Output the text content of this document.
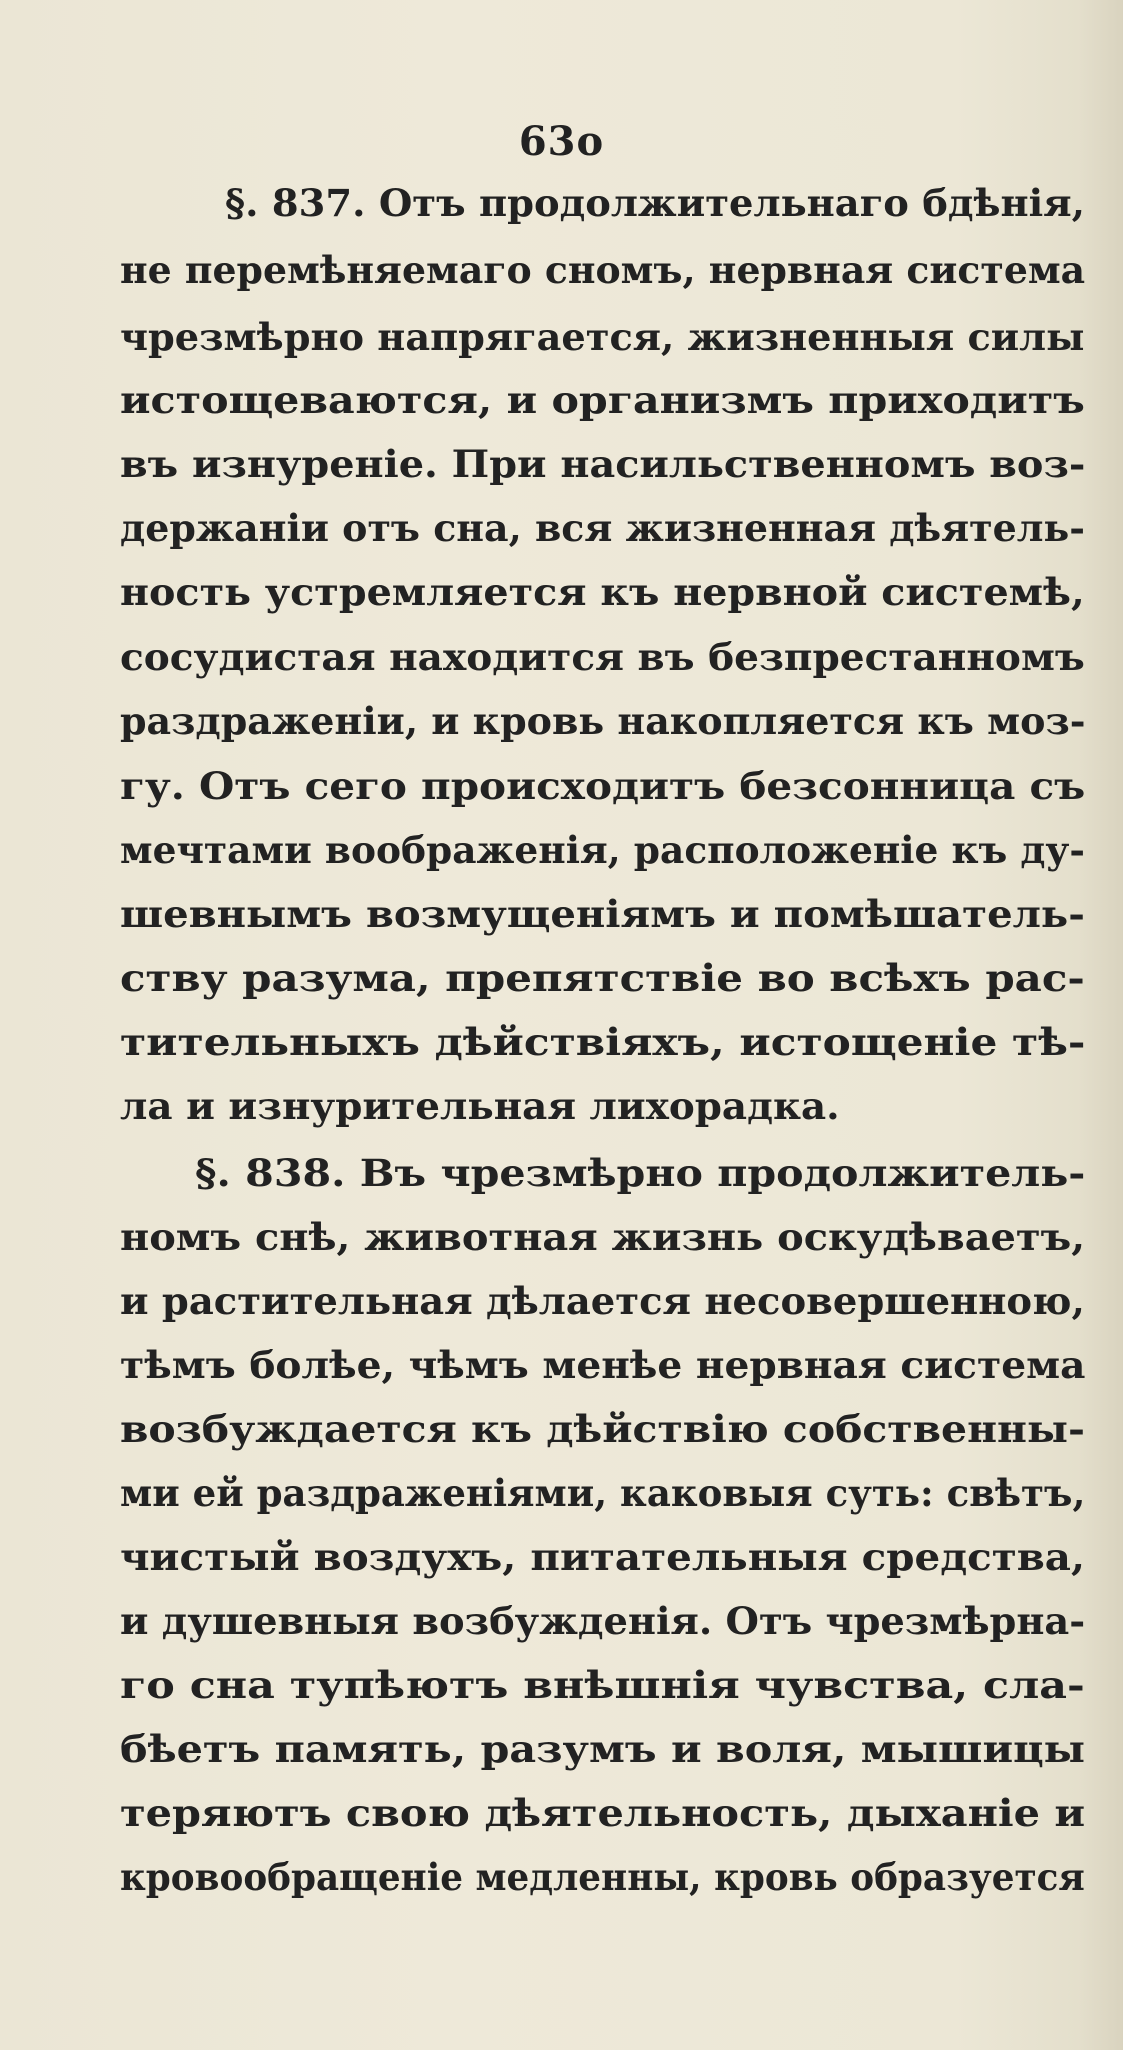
63o
§. 837. Отъ продолжительнаго бдѣнія,
не перемѣняемаго сномъ, нервная система
чрезмѣрно напрягается, жизненныя силы
истощеваются, и организмъ приходитъ
въ изнуреніе. При насильственномъ воз-
держаніи отъ сна, вся жизненная дѣятель-
ность устремляется къ нервной системѣ,
сосудистая находится въ безпрестанномъ
раздраженіи, и кровь накопляется къ моз-
гу. Отъ сего происходитъ безсонница съ
мечтами воображенія, расположеніе къ ду-
шевнымъ возмущеніямъ и помѣшатель-
ству разума, препятствіе во всѣхъ рас-
тительныхъ дѣйствіяхъ, истощеніе тѣ-
ла и изнурительная лихорадка.
§. 838. Въ чрезмѣрно продолжитель-
номъ снѣ, животная жизнь оскудѣваетъ,
и растительная дѣлается несовершенною,
тѣмъ болѣе, чѣмъ менѣе нервная система
возбуждается къ дѣйствію собственны-
ми ей раздраженіями, каковыя суть: свѣтъ,
чистый воздухъ, питательныя средства,
и душевныя возбужденія. Отъ чрезмѣрна-
го сна тупѣютъ внѣшнія чувства, сла-
бѣетъ память, разумъ и воля, мышицы
теряютъ свою дѣятельность, дыханіе и
кровообращеніе медленны, кровь образуется
